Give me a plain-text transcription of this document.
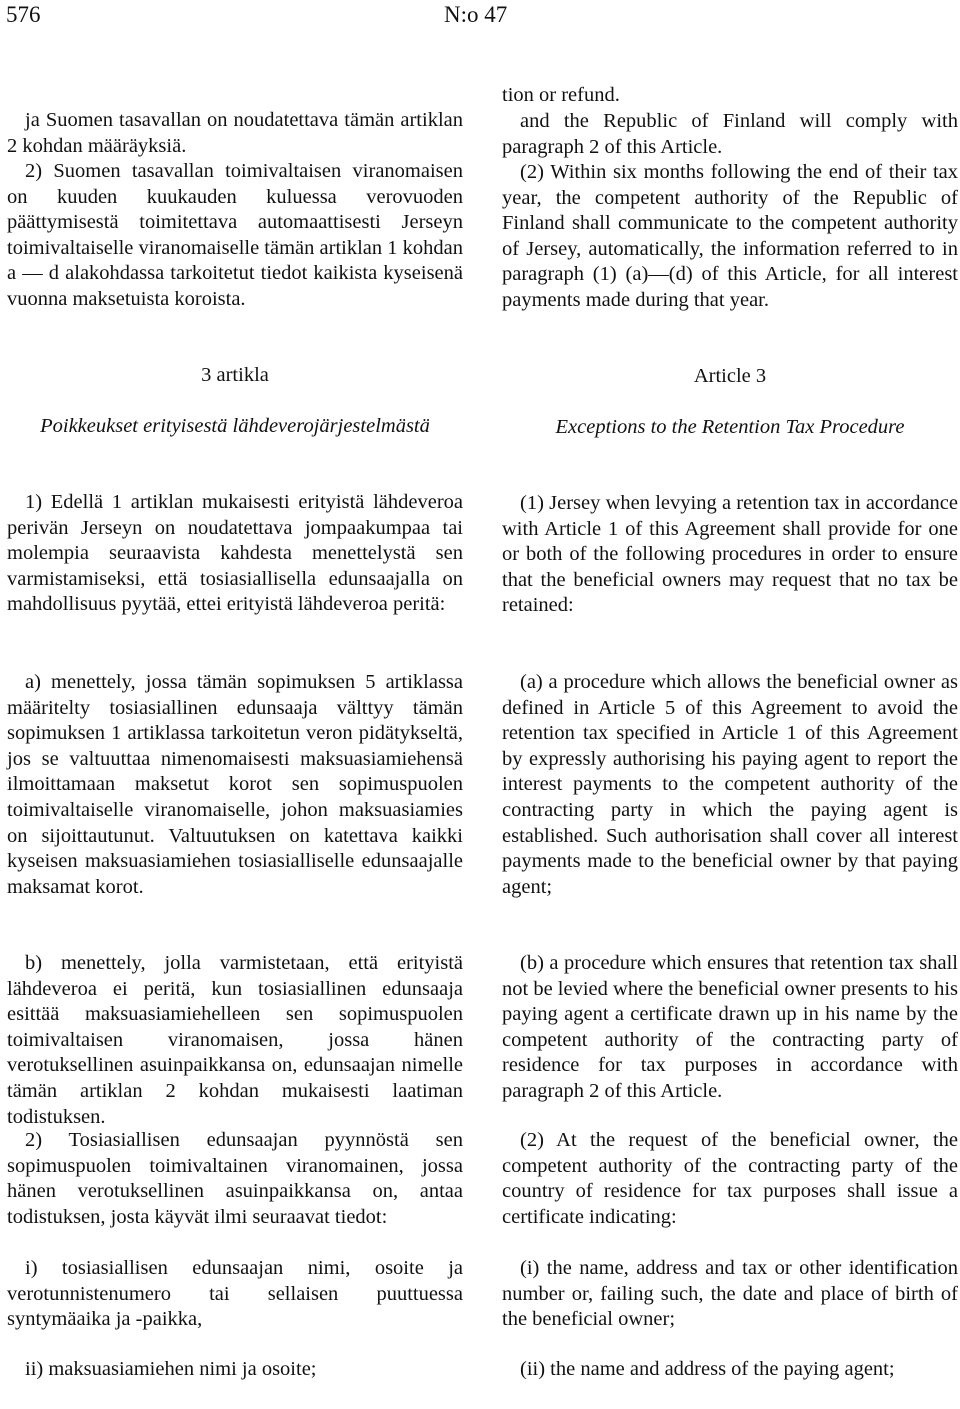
576	N:o 47

ja Suomen tasavallan on noudatettava tämän artiklan 2 kohdan määräyksiä.

2) Suomen tasavallan toimivaltaisen viranomaisen on kuuden kuukauden kuluessa verovuoden päättymisestä toimitettava automaattisesti Jerseyn toimivaltaiselle viranomaiselle tämän artiklan 1 kohdan a — d alakohdassa tarkoitetut tiedot kaikista kyseisenä vuonna maksetuista koroista.

3 artikla

Poikkeukset erityisestä lähdeverojärjestelmästä

1) Edellä 1 artiklan mukaisesti erityistä lähdeveroa perivän Jerseyn on noudatettava jompaakumpaa tai molempia seuraavista kahdesta menettelystä sen varmistamiseksi, että tosiasiallisella edunsaajalla on mahdollisuus pyytää, ettei erityistä lähdeveroa peritä:

a) menettely, jossa tämän sopimuksen 5 artiklassa määritelty tosiasiallinen edunsaaja välttyy tämän sopimuksen 1 artiklassa tarkoitetun veron pidätykseltä, jos se valtuuttaa nimenomaisesti maksuasiamiehensä ilmoittamaan maksetut korot sen sopimuspuolen toimivaltaiselle viranomaiselle, johon maksuasiamies on sijoittautunut. Valtuutuksen on katettava kaikki kyseisen maksuasiamiehen tosiasialliselle edunsaajalle maksamat korot.

b) menettely, jolla varmistetaan, että erityistä lähdeveroa ei peritä, kun tosiasiallinen edunsaaja esittää maksuasiamiehelleen sen sopimuspuolen toimivaltaisen viranomaisen, jossa hänen verotuksellinen asuinpaikkansa on, edunsaajan nimelle tämän artiklan 2 kohdan mukaisesti laatiman todistuksen.

2) Tosiasiallisen edunsaajan pyynnöstä sen sopimuspuolen toimivaltainen viranomainen, jossa hänen verotuksellinen asuinpaikkansa on, antaa todistuksen, josta käyvät ilmi seuraavat tiedot:

i) tosiasiallisen edunsaajan nimi, osoite ja verotunnistenumero tai sellaisen puuttuessa syntymäaika ja -paikka,

ii) maksuasiamiehen nimi ja osoite;

tion or refund.

and the Republic of Finland will comply with paragraph 2 of this Article.

(2) Within six months following the end of their tax year, the competent authority of the Republic of Finland shall communicate to the competent authority of Jersey, automatically, the information referred to in paragraph (1) (a)—(d) of this Article, for all interest payments made during that year.

Article 3

Exceptions to the Retention Tax Procedure

(1) Jersey when levying a retention tax in accordance with Article 1 of this Agreement shall provide for one or both of the following procedures in order to ensure that the beneficial owners may request that no tax be retained:

(a) a procedure which allows the beneficial owner as defined in Article 5 of this Agreement to avoid the retention tax specified in Article 1 of this Agreement by expressly authorising his paying agent to report the interest payments to the competent authority of the contracting party in which the paying agent is established. Such authorisation shall cover all interest payments made to the beneficial owner by that paying agent;

(b) a procedure which ensures that retention tax shall not be levied where the beneficial owner presents to his paying agent a certificate drawn up in his name by the competent authority of the contracting party of residence for tax purposes in accordance with paragraph 2 of this Article.

(2) At the request of the beneficial owner, the competent authority of the contracting party of the country of residence for tax purposes shall issue a certificate indicating:

(i) the name, address and tax or other identification number or, failing such, the date and place of birth of the beneficial owner;

(ii) the name and address of the paying agent;
